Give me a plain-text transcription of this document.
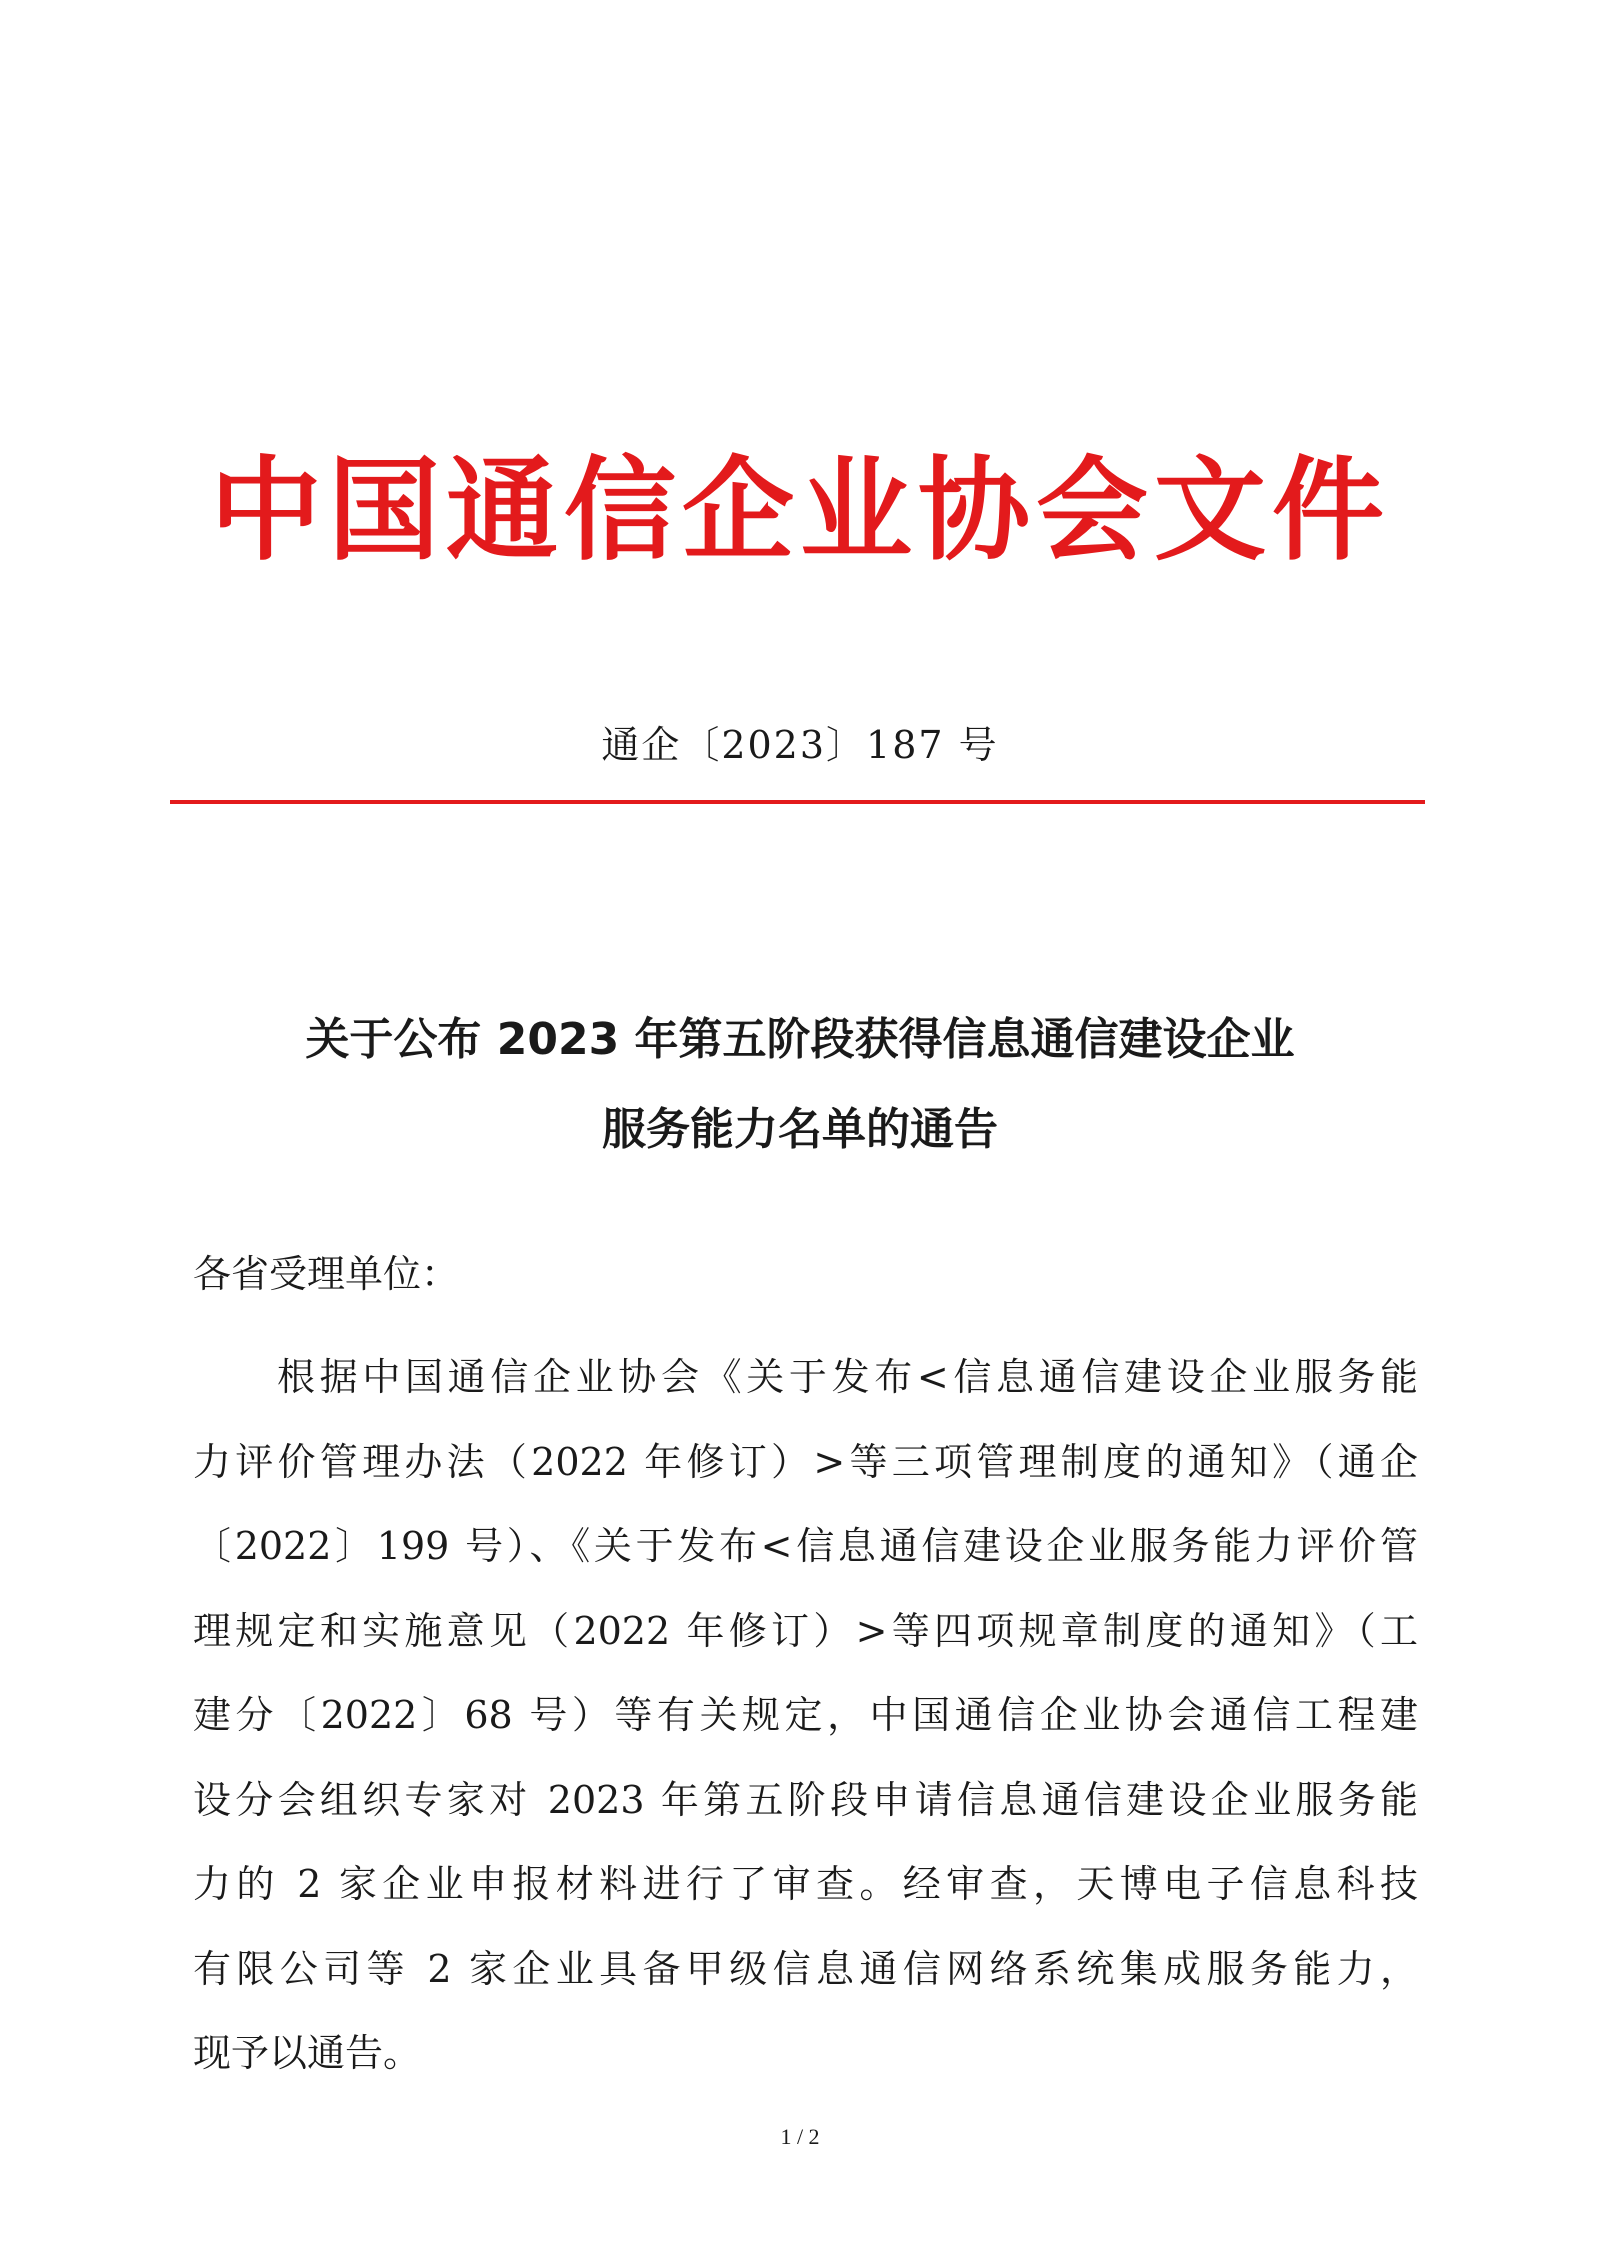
中国通信企业协会文件
通企〔2023〕187 号
关于公布 2023 年第五阶段获得信息通信建设企业
服务能力名单的通告
各省受理单位：
根据中国通信企业协会《关于发布<信息通信建设企业服务能
力评价管理办法（2022 年修订）>等三项管理制度的通知》（通企
〔2022〕199 号）、《关于发布<信息通信建设企业服务能力评价管
理规定和实施意见（2022 年修订）>等四项规章制度的通知》（工
建分〔2022〕68 号）等有关规定，中国通信企业协会通信工程建
设分会组织专家对 2023 年第五阶段申请信息通信建设企业服务能
力的 2 家企业申报材料进行了审查。经审查，天博电子信息科技
有限公司等 2 家企业具备甲级信息通信网络系统集成服务能力，
现予以通告。
1 / 2
